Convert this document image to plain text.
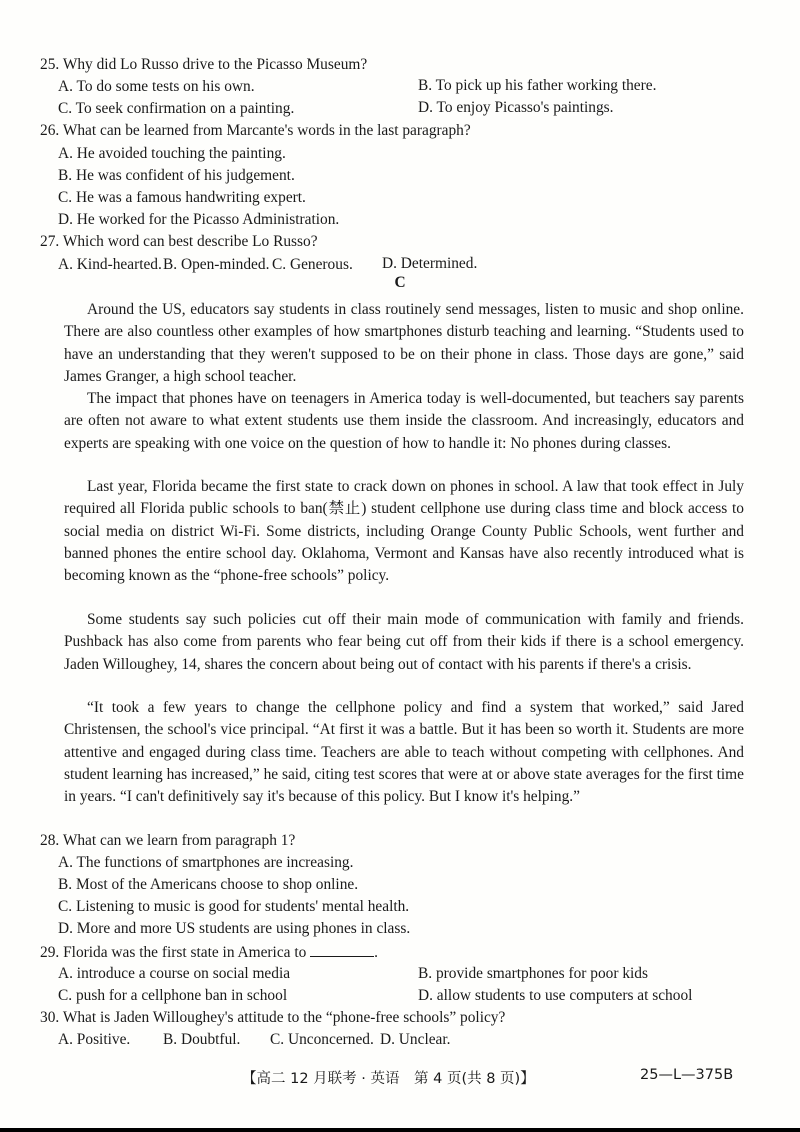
25. Why did Lo Russo drive to the Picasso Museum?
A. To do some tests on his own.	B. To pick up his father working there.
C. To seek confirmation on a painting.	D. To enjoy Picasso's paintings.
26. What can be learned from Marcante's words in the last paragraph?
A. He avoided touching the painting.
B. He was confident of his judgement.
C. He was a famous handwriting expert.
D. He worked for the Picasso Administration.
27. Which word can best describe Lo Russo?
A. Kind-hearted. B. Open-minded. C. Generous. D. Determined.
C

Around the US, educators say students in class routinely send messages, listen to music and shop online. There are also countless other examples of how smartphones disturb teaching and learning. “Students used to have an understanding that they weren't supposed to be on their phone in class. Those days are gone,” said James Granger, a high school teacher.

The impact that phones have on teenagers in America today is well-documented, but teachers say parents are often not aware to what extent students use them inside the classroom. And increasingly, educators and experts are speaking with one voice on the question of how to handle it: No phones during classes.

Last year, Florida became the first state to crack down on phones in school. A law that took effect in July required all Florida public schools to ban(禁止) student cellphone use during class time and block access to social media on district Wi-Fi. Some districts, including Orange County Public Schools, went further and banned phones the entire school day. Oklahoma, Vermont and Kansas have also recently introduced what is becoming known as the “phone-free schools” policy.

Some students say such policies cut off their main mode of communication with family and friends. Pushback has also come from parents who fear being cut off from their kids if there is a school emergency. Jaden Willoughey, 14, shares the concern about being out of contact with his parents if there's a crisis.

“It took a few years to change the cellphone policy and find a system that worked,” said Jared Christensen, the school's vice principal. “At first it was a battle. But it has been so worth it. Students are more attentive and engaged during class time. Teachers are able to teach without competing with cellphones. And student learning has increased,” he said, citing test scores that were at or above state averages for the first time in years. “I can't definitively say it's because of this policy. But I know it's helping.”

28. What can we learn from paragraph 1?
A. The functions of smartphones are increasing.
B. Most of the Americans choose to shop online.
C. Listening to music is good for students' mental health.
D. More and more US students are using phones in class.
29. Florida was the first state in America to	.
A. introduce a course on social media	B. provide smartphones for poor kids
C. push for a cellphone ban in school	D. allow students to use computers at school
30. What is Jaden Willoughey's attitude to the “phone-free schools” policy?
A. Positive. B. Doubtful. C. Unconcerned. D. Unclear.
【高二 12 月联考 · 英语　第 4 页(共 8 页)】	25—L—375B
